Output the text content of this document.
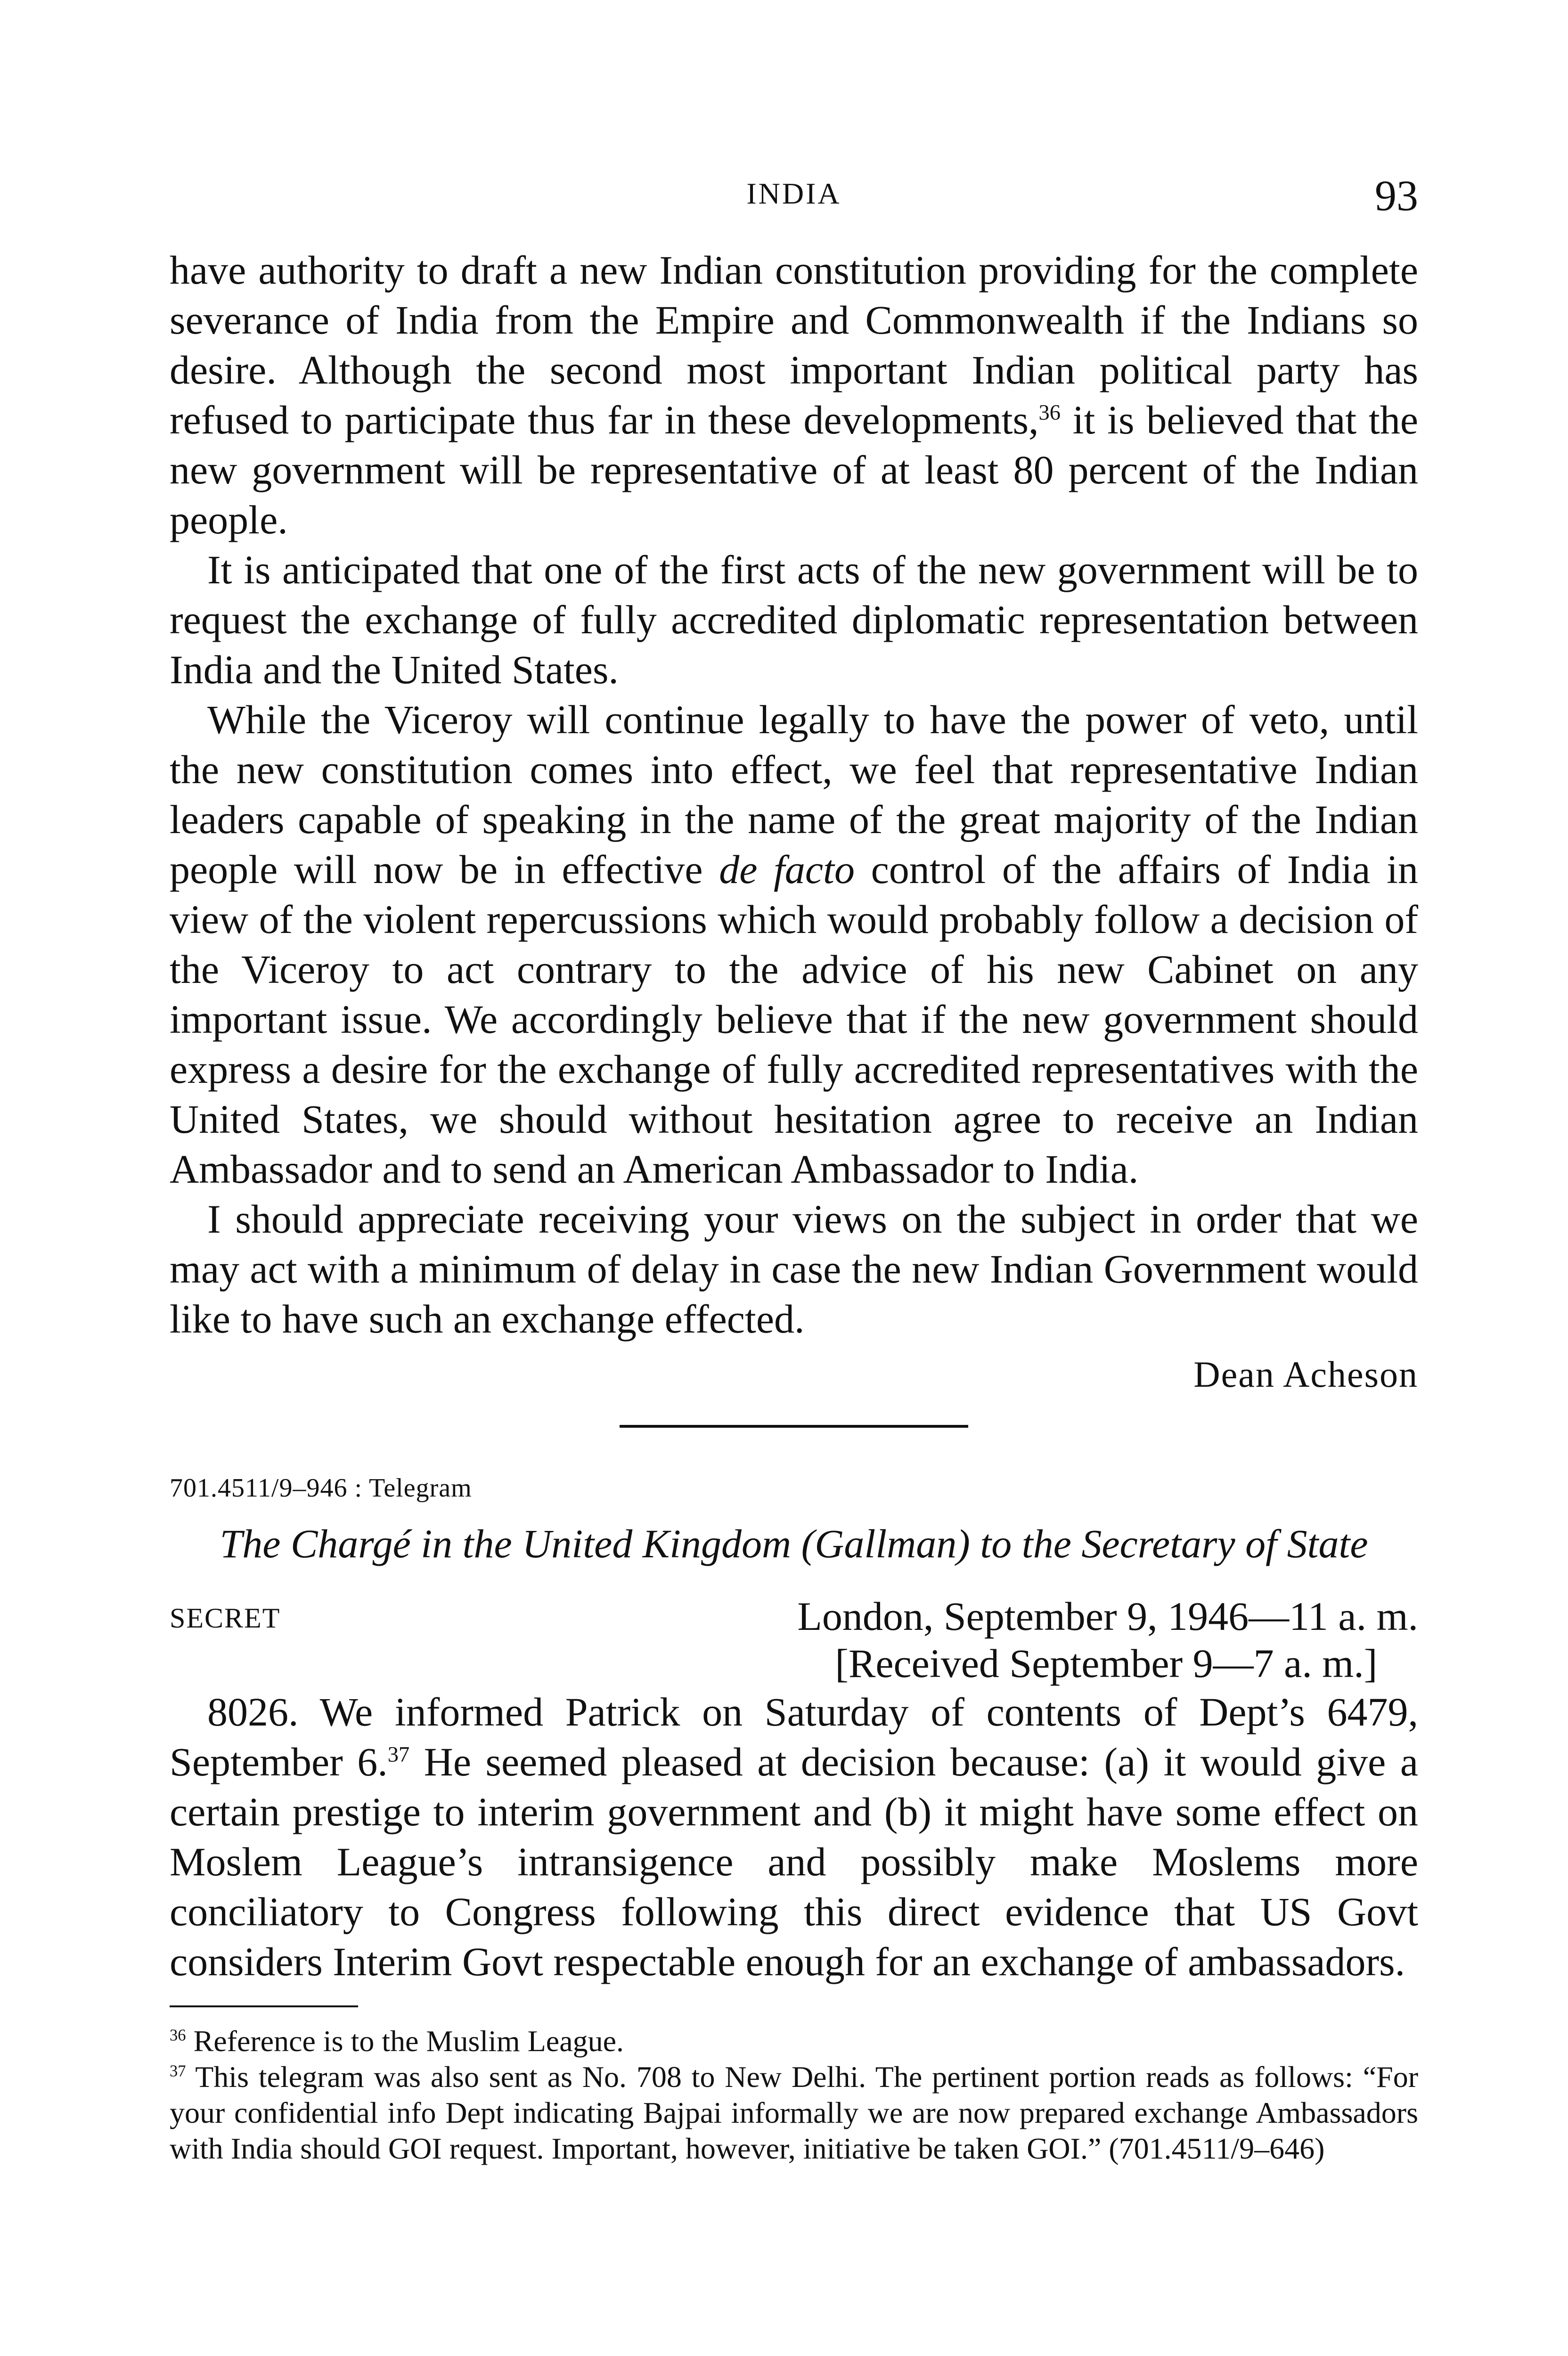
INDIA	93

have authority to draft a new Indian constitution providing for the complete severance of India from the Empire and Commonwealth if the Indians so desire. Although the second most important Indian political party has refused to participate thus far in these developments,$^{36}$ it is believed that the new government will be representative of at least 80 percent of the Indian people.

It is anticipated that one of the first acts of the new government will be to request the exchange of fully accredited diplomatic representation between India and the United States.

While the Viceroy will continue legally to have the power of veto, until the new constitution comes into effect, we feel that representative Indian leaders capable of speaking in the name of the great majority of the Indian people will now be in effective de facto control of the affairs of India in view of the violent repercussions which would probably follow a decision of the Viceroy to act contrary to the advice of his new Cabinet on any important issue. We accordingly believe that if the new government should express a desire for the exchange of fully accredited representatives with the United States, we should without hesitation agree to receive an Indian Ambassador and to send an American Ambassador to India.

I should appreciate receiving your views on the subject in order that we may act with a minimum of delay in case the new Indian Government would like to have such an exchange effected.

Dean Acheson
701.4511/9–946 : Telegram
The Chargé in the United Kingdom (Gallman) to the Secretary of State
SECRET	London, September 9, 1946—11 a. m.
[Received September 9—7 a. m.]

8026. We informed Patrick on Saturday of contents of Dept’s 6479, September 6.37 He seemed pleased at decision because: (a) it would give a certain prestige to interim government and (b) it might have some effect on Moslem League’s intransigence and possibly make Moslems more conciliatory to Congress following this direct evidence that US Govt considers Interim Govt respectable enough for an exchange of ambassadors.

$^{36}$ Reference is to the Muslim League.

$^{37}$ This telegram was also sent as No. 708 to New Delhi. The pertinent portion reads as follows: “For your confidential info Dept indicating Bajpai informally we are now prepared exchange Ambassadors with India should GOI request. Important, however, initiative be taken GOI.” (701.4511/9–646)
